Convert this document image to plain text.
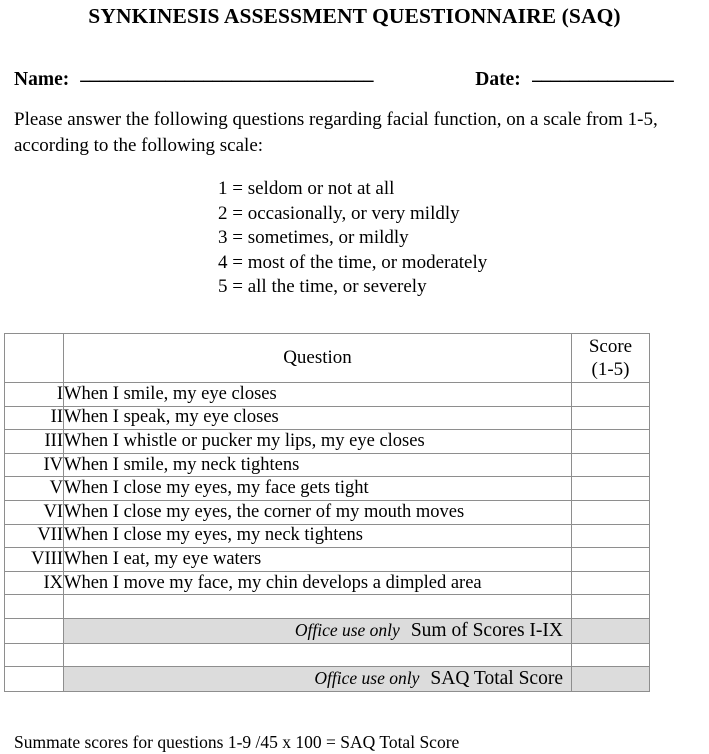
SYNKINESIS ASSESSMENT QUESTIONNAIRE (SAQ)
Name: _______________________________	Date: _______________
Please answer the following questions regarding facial function, on a scale from 1-5, according to the following scale:
1 = seldom or not at all
2 = occasionally, or very mildly
3 = sometimes, or mildly
4 = most of the time, or moderately
5 = all the time, or severely
	Question	Score
(1-5)

I	When I smile, my eye closes	
II	When I speak, my eye closes	
III	When I whistle or pucker my lips, my eye closes	
IV	When I smile, my neck tightens	
V	When I close my eyes, my face gets tight	
VI	When I close my eyes, the corner of my mouth moves	
VII	When I close my eyes, my neck tightens	
VIII	When I eat, my eye waters	
IX	When I move my face, my chin develops a dimpled area	

	Office use only Sum of Scores I-IX	

	Office use only SAQ Total Score	
Summate scores for questions 1-9 /45 x 100 = SAQ Total Score
